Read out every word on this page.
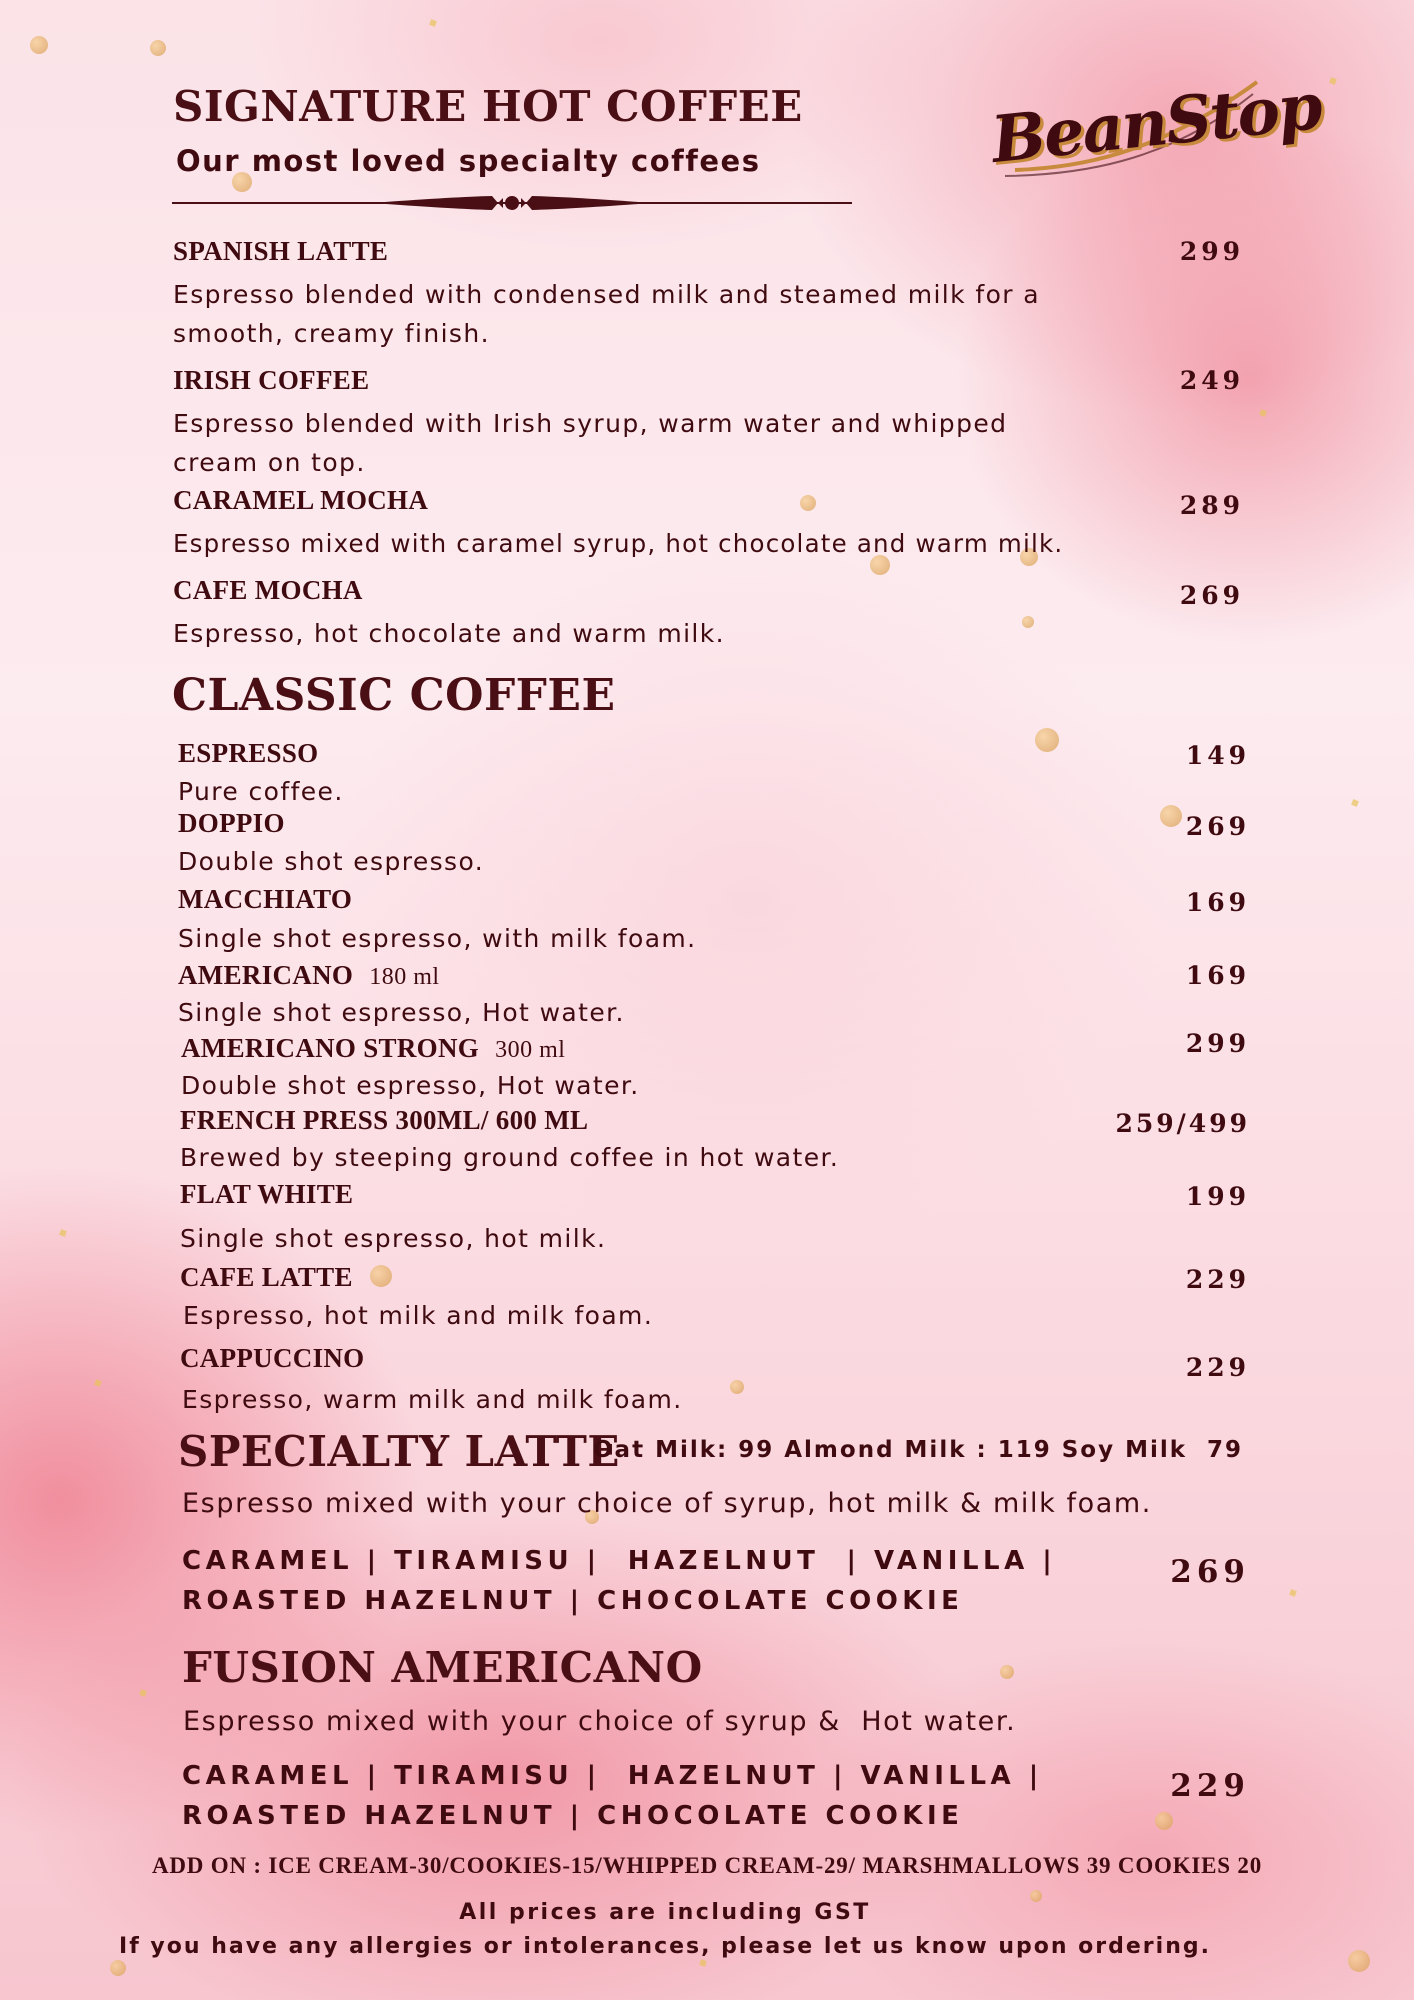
BeanStop
SIGNATURE HOT COFFEE
Our most loved specialty coffees
SPANISH LATTE	299
Espresso blended with condensed milk and steamed milk for a
smooth, creamy finish.
IRISH COFFEE	249
Espresso blended with Irish syrup, warm water and whipped
cream on top.
CARAMEL MOCHA	289
Espresso mixed with caramel syrup, hot chocolate and warm milk.
CAFE MOCHA	269
Espresso, hot chocolate and warm milk.
CLASSIC COFFEE
ESPRESSO	149
Pure coffee.
DOPPIO	269
Double shot espresso.
MACCHIATO	169
Single shot espresso, with milk foam.
AMERICANO 180 ml	169
Single shot espresso, Hot water.
AMERICANO STRONG 300 ml	299
Double shot espresso, Hot water.
FRENCH PRESS 300ML/ 600 ML	259/499
Brewed by steeping ground coffee in hot water.
FLAT WHITE	199
Single shot espresso, hot milk.
CAFE LATTE	229
Espresso, hot milk and milk foam.
CAPPUCCINO	229
Espresso, warm milk and milk foam.
SPECIALTY LATTE
Oat Milk: 99 Almond Milk : 119 Soy Milk  79
Espresso mixed with your choice of syrup, hot milk & milk foam.
CARAMEL | TIRAMISU |  HAZELNUT  | VANILLA |
ROASTED HAZELNUT | CHOCOLATE COOKIE
269
FUSION AMERICANO
Espresso mixed with your choice of syrup &  Hot water.
CARAMEL | TIRAMISU |  HAZELNUT | VANILLA |
ROASTED HAZELNUT | CHOCOLATE COOKIE
229
ADD ON : ICE CREAM-30/COOKIES-15/WHIPPED CREAM-29/ MARSHMALLOWS 39 COOKIES 20
All prices are including GST
If you have any allergies or intolerances, please let us know upon ordering.
